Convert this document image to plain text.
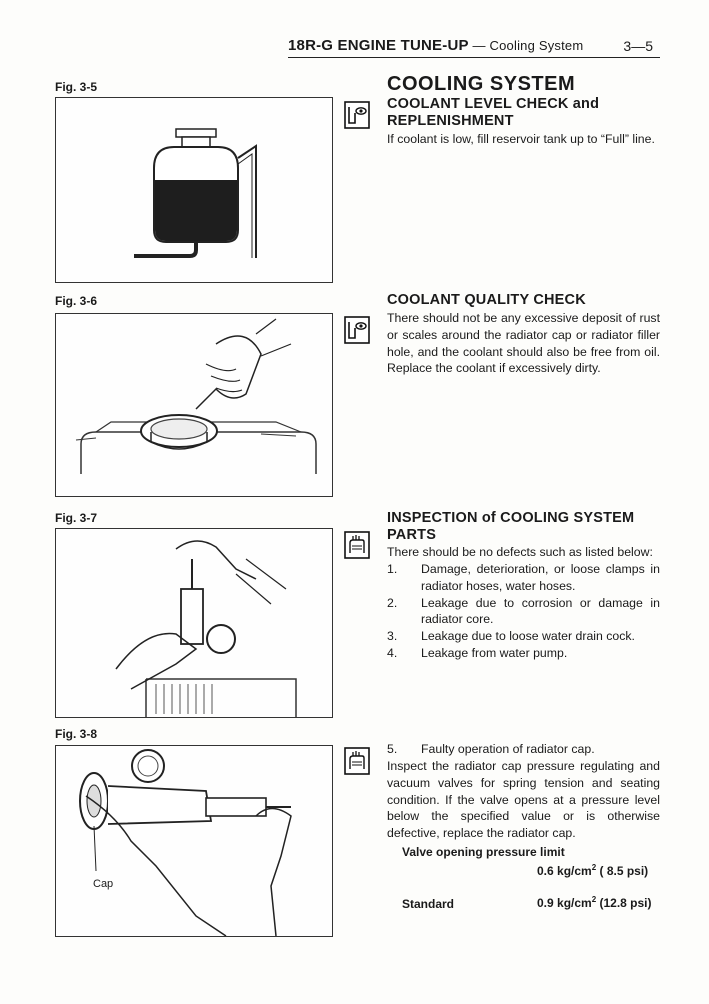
18R-G ENGINE TUNE-UP — Cooling System	3—5
Fig. 3-5
Fig. 3-6
Fig. 3-7
Fig. 3-8
Cap
COOLING SYSTEM
COOLANT LEVEL CHECK and REPLENISHMENT
If coolant is low, fill reservoir tank up to “Full” line.
COOLANT QUALITY CHECK
There should not be any excessive deposit of rust or scales around the radiator cap or radiator filler hole, and the coolant should also be free from oil. Replace the coolant if excessively dirty.
INSPECTION of COOLING SYSTEM PARTS
There should be no defects such as listed below:
1. Damage, deterioration, or loose clamps in radiator hoses, water hoses.
2. Leakage due to corrosion or damage in radiator core.
3. Leakage due to loose water drain cock.
4. Leakage from water pump.
5. Faulty operation of radiator cap.
Inspect the radiator cap pressure regulating and vacuum valves for spring tension and seating condition. If the valve opens at a pressure level below the specified value or is otherwise defective, replace the radiator cap.
Valve opening pressure limit
0.6 $kg/cm^2$ ( 8.5 psi)
Standard	0.9 $kg/cm^2$ (12.8 psi)
